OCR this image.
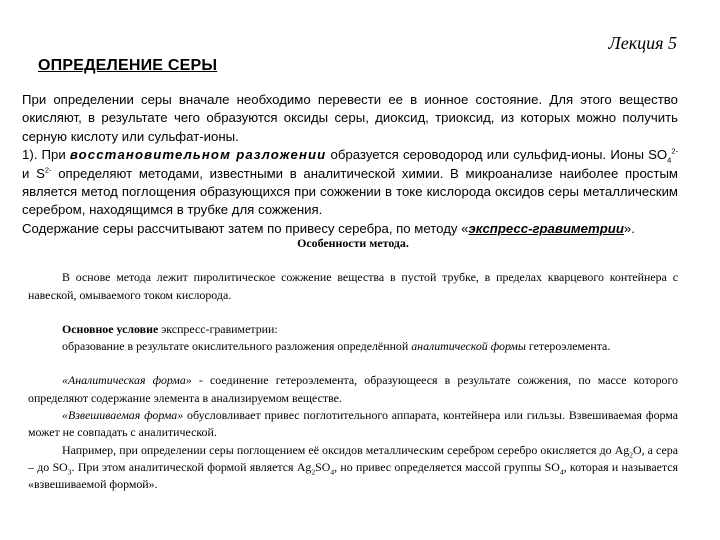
Лекция 5
ОПРЕДЕЛЕНИЕ СЕРЫ

При определении серы вначале необходимо перевести ее в ионное состояние. Для этого вещество окисляют, в результате чего образуются оксиды серы, диоксид, триоксид, из которых можно получить серную кислоту или сульфат-ионы.

1). При восстановительном разложении образуется сероводород или сульфид-ионы. Ионы $SO_4^{2-}$ и $S^{2-}$ определяют методами, известными в аналитической химии. В микроанализе наиболее простым является метод поглощения образующихся при сожжении в токе кислорода оксидов серы металлическим серебром, находящимся в трубке для сожжения.

Содержание серы рассчитывают затем по привесу серебра, по методу «экспресс-гравиметрии».

Особенности метода.

В основе метода лежит пиролитическое сожжение вещества в пустой трубке, в пределах кварцевого контейнера с навеской, омываемого током кислорода.

Основное условие экспресс-гравиметрии:

образование в результате окислительного разложения определённой аналитической формы гетероэлемента.

«Аналитическая форма» - соединение гетероэлемента, образующееся в результате сожжения, по массе которого определяют содержание элемента в анализируемом веществе.

«Взвешиваемая форма» обусловливает привес поглотительного аппарата, контейнера или гильзы. Взвешиваемая форма может не совпадать с аналитической.

Например, при определении серы поглощением её оксидов металлическим серебром серебро окисляется до $Ag_2O$, а сера – до $SO_3$. При этом аналитической формой является $Ag_2SO_4$, но привес определяется массой группы $SO_4$, которая и называется «взвешиваемой формой».
